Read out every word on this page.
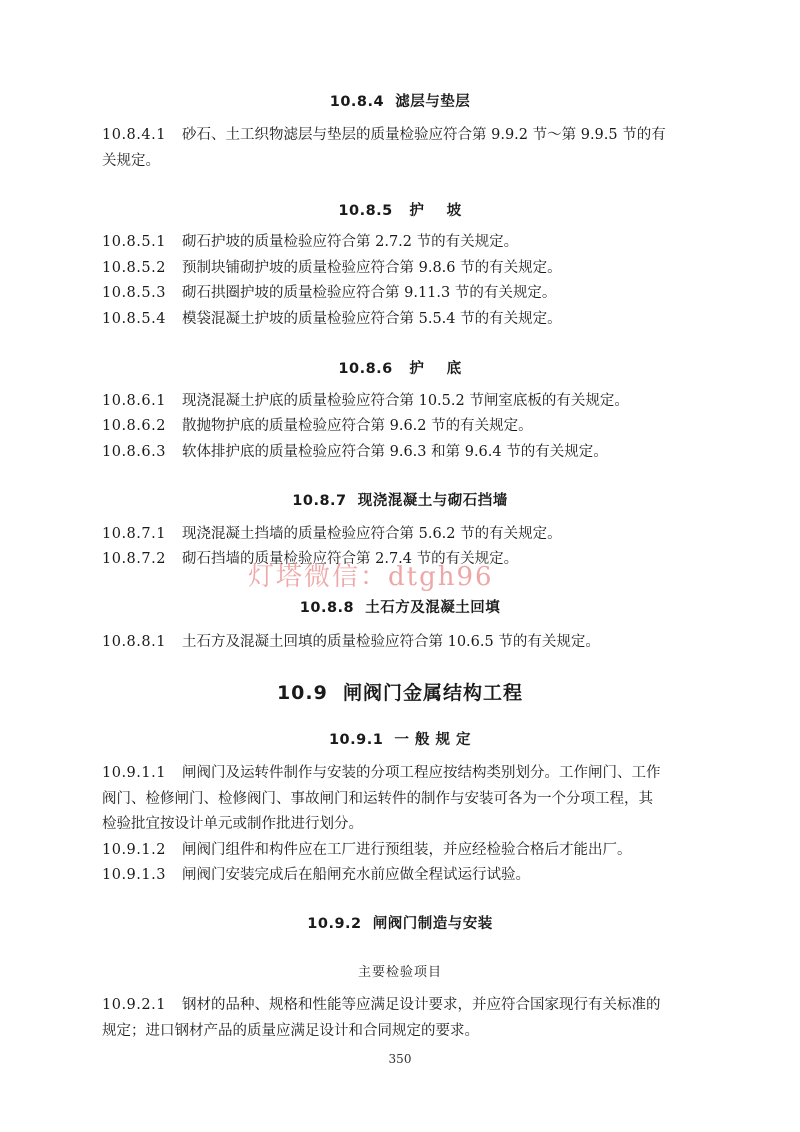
10.8.4  滤层与垫层
10.8.4.1 砂石、土工织物滤层与垫层的质量检验应符合第 9.9.2 节～第 9.9.5 节的有
关规定。
10.8.5   护    坡
10.8.5.1 砌石护坡的质量检验应符合第 2.7.2 节的有关规定。
10.8.5.2 预制块铺砌护坡的质量检验应符合第 9.8.6 节的有关规定。
10.8.5.3 砌石拱圈护坡的质量检验应符合第 9.11.3 节的有关规定。
10.8.5.4 模袋混凝土护坡的质量检验应符合第 5.5.4 节的有关规定。
10.8.6   护    底
10.8.6.1 现浇混凝土护底的质量检验应符合第 10.5.2 节闸室底板的有关规定。
10.8.6.2 散抛物护底的质量检验应符合第 9.6.2 节的有关规定。
10.8.6.3 软体排护底的质量检验应符合第 9.6.3 和第 9.6.4 节的有关规定。
10.8.7  现浇混凝土与砌石挡墙
10.8.7.1 现浇混凝土挡墙的质量检验应符合第 5.6.2 节的有关规定。
10.8.7.2 砌石挡墙的质量检验应符合第 2.7.4 节的有关规定。
10.8.8  土石方及混凝土回填
10.8.8.1 土石方及混凝土回填的质量检验应符合第 10.6.5 节的有关规定。
10.9  闸阀门金属结构工程
10.9.1  一 般 规 定
10.9.1.1 闸阀门及运转件制作与安装的分项工程应按结构类别划分。工作闸门、工作
阀门、检修闸门、检修阀门、事故闸门和运转件的制作与安装可各为一个分项工程，其
检验批宜按设计单元或制作批进行划分。
10.9.1.2 闸阀门组件和构件应在工厂进行预组装，并应经检验合格后才能出厂。
10.9.1.3 闸阀门安装完成后在船闸充水前应做全程试运行试验。
10.9.2  闸阀门制造与安装
主要检验项目
10.9.2.1 钢材的品种、规格和性能等应满足设计要求，并应符合国家现行有关标准的
规定；进口钢材产品的质量应满足设计和合同规定的要求。
350
灯塔微信：dtgh96
